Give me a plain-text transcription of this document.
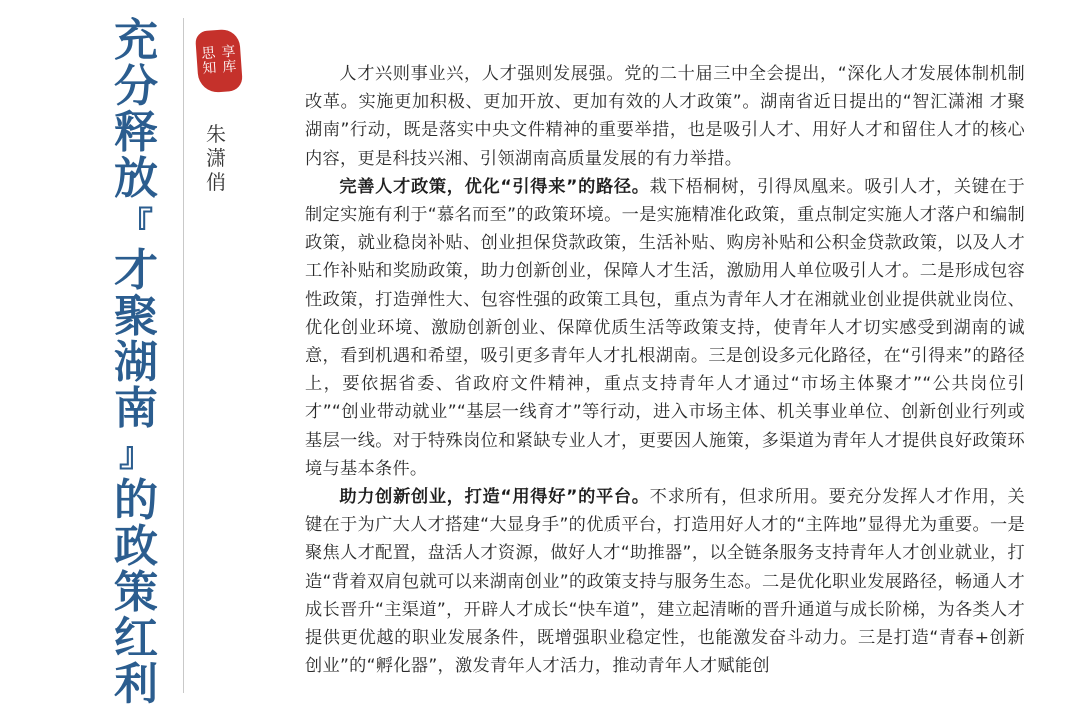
充
分
释
放
『
才
聚
湖
南
』
的
政
策
红
利
思 享
知 库
朱
潇
俏

人才兴则事业兴，人才强则发展强。党的二十届三中全会提出，“深化人才发展体制机制改革。实施更加积极、更加开放、更加有效的人才政策”。湖南省近日提出的“智汇潇湘 才聚湖南”行动，既是落实中央文件精神的重要举措，也是吸引人才、用好人才和留住人才的核心内容，更是科技兴湘、引领湖南高质量发展的有力举措。

完善人才政策，优化“引得来”的路径。栽下梧桐树，引得凤凰来。吸引人才，关键在于制定实施有利于“慕名而至”的政策环境。一是实施精准化政策，重点制定实施人才落户和编制政策，就业稳岗补贴、创业担保贷款政策，生活补贴、购房补贴和公积金贷款政策，以及人才工作补贴和奖励政策，助力创新创业，保障人才生活，激励用人单位吸引人才。二是形成包容性政策，打造弹性大、包容性强的政策工具包，重点为青年人才在湘就业创业提供就业岗位、优化创业环境、激励创新创业、保障优质生活等政策支持，使青年人才切实感受到湖南的诚意，看到机遇和希望，吸引更多青年人才扎根湖南。三是创设多元化路径，在“引得来”的路径上，要依据省委、省政府文件精神，重点支持青年人才通过“市场主体聚才”“公共岗位引才”“创业带动就业”“基层一线育才”等行动，进入市场主体、机关事业单位、创新创业行列或基层一线。对于特殊岗位和紧缺专业人才，更要因人施策，多渠道为青年人才提供良好政策环境与基本条件。

助力创新创业，打造“用得好”的平台。不求所有，但求所用。要充分发挥人才作用，关键在于为广大人才搭建“大显身手”的优质平台，打造用好人才的“主阵地”显得尤为重要。一是聚焦人才配置，盘活人才资源，做好人才“助推器”，以全链条服务支持青年人才创业就业，打造“背着双肩包就可以来湖南创业”的政策支持与服务生态。二是优化职业发展路径，畅通人才成长晋升“主渠道”，开辟人才成长“快车道”，建立起清晰的晋升通道与成长阶梯，为各类人才提供更优越的职业发展条件，既增强职业稳定性，也能激发奋斗动力。三是打造“青春+创新创业”的“孵化器”，激发青年人才活力，推动青年人才赋能创
